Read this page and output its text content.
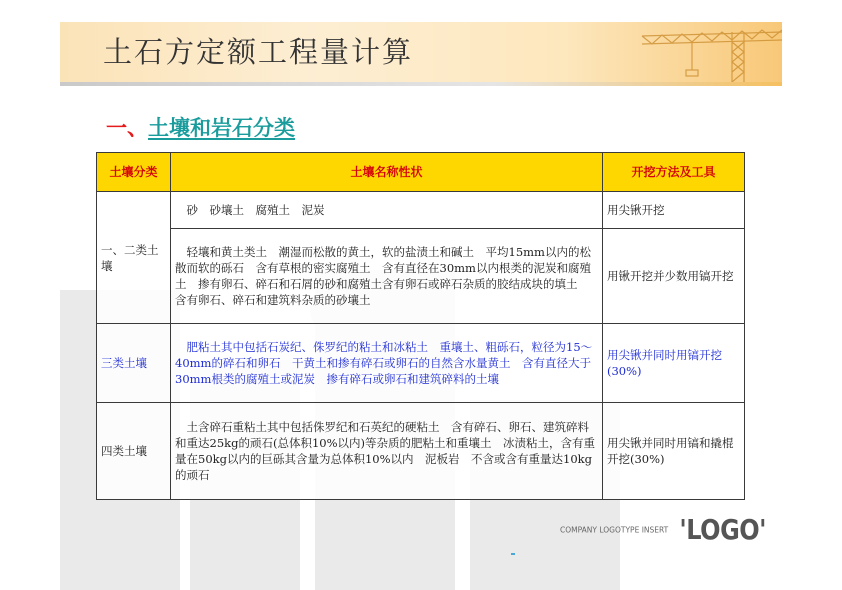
土石方定额工程量计算
一、土壤和岩石分类
土壤分类	土壤名称性状	开挖方法及工具
一、二类土壤	　砂　砂壤土　腐殖土　泥炭	用尖锹开挖
	　轻壤和黄土类土　潮湿而松散的黄土，软的盐渍土和碱土　平均15mm以内的松散而软的砾石　含有草根的密实腐殖土　含有直径在30mm以内根类的泥炭和腐殖土　掺有卵石、碎石和石屑的砂和腐殖土含有卵石或碎石杂质的胶结成块的填土　含有卵石、碎石和建筑料杂质的砂壤土	用锹开挖并少数用镐开挖
三类土壤	　肥粘土其中包括石炭纪、侏罗纪的粘土和冰粘土　重壤土、粗砾石，粒径为15～40mm的碎石和卵石　干黄土和掺有碎石或卵石的自然含水量黄土　含有直径大于30mm根类的腐殖土或泥炭　掺有碎石或卵石和建筑碎料的土壤	用尖锹并同时用镐开挖(30%)
四类土壤	　土含碎石重粘土其中包括侏罗纪和石英纪的硬粘土　含有碎石、卵石、建筑碎料和重达25kg的顽石(总体积10%以内)等杂质的肥粘土和重壤土　冰渍粘土，含有重量在50kg以内的巨砾其含量为总体积10%以内　泥板岩　不含或含有重量达10kg的顽石	用尖锹并同时用镐和撬棍开挖(30%)
COMPANY LOGOTYPE INSERT 'LOGO'
